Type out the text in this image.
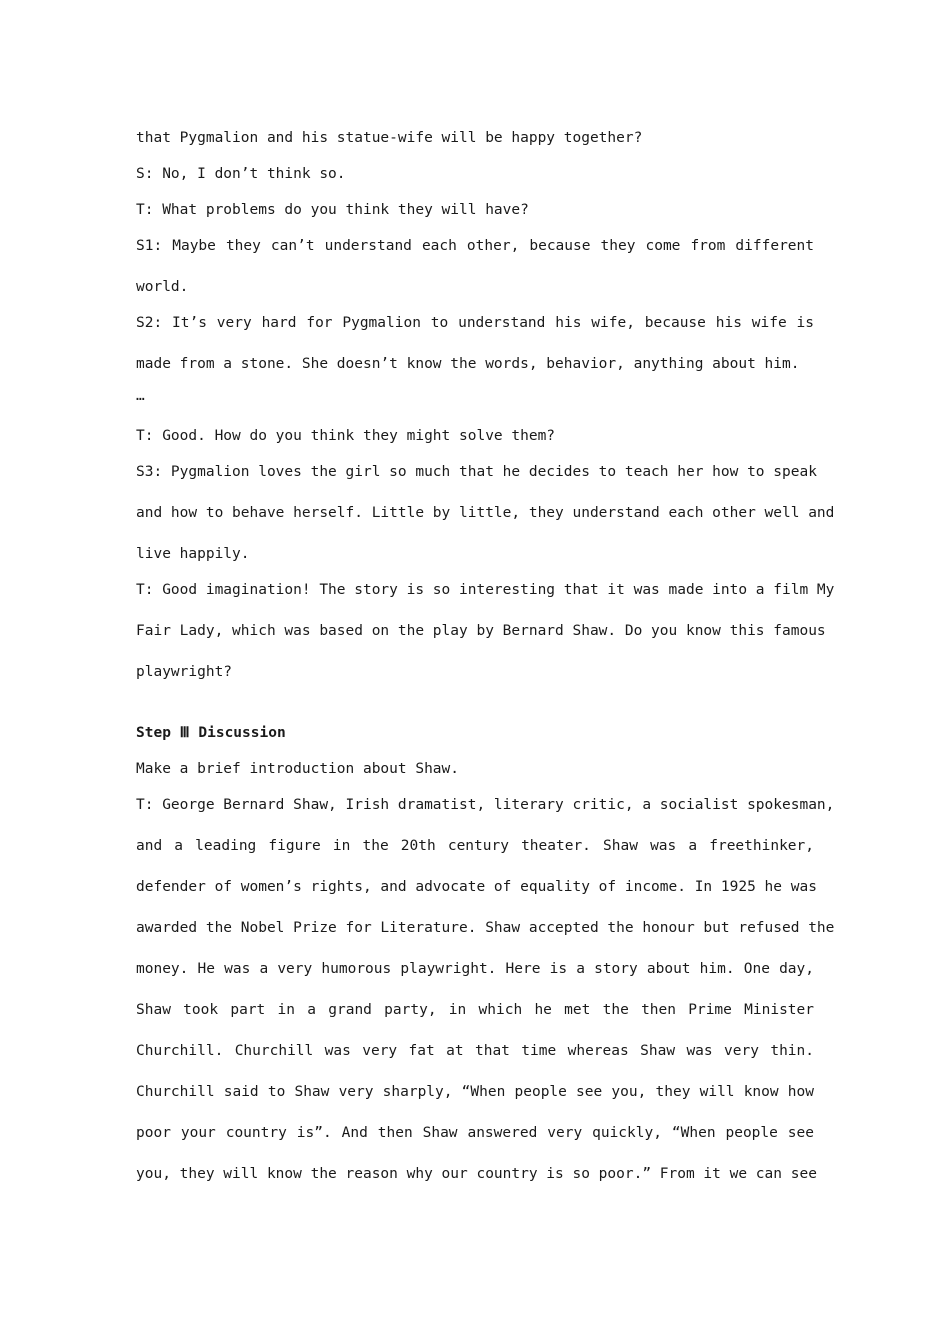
that Pygmalion and his statue-wife will be happy together?
S: No, I don’t think so.
T: What problems do you think they will have?
S1: Maybe they can’t understand each other, because they come from different
world.
S2: It’s very hard for Pygmalion to understand his wife, because his wife is
made from a stone. She doesn’t know the words, behavior, anything about him.
…
T: Good. How do you think they might solve them?
S3: Pygmalion loves the girl so much that he decides to teach her how to speak
and how to behave herself. Little by little, they understand each other well and
live happily.
T: Good imagination! The story is so interesting that it was made into a film My
Fair Lady, which was based on the play by Bernard Shaw. Do you know this famous
playwright?
Step Ⅲ Discussion
Make a brief introduction about Shaw.
T: George Bernard Shaw, Irish dramatist, literary critic, a socialist spokesman,
and a leading figure in the 20th century theater. Shaw was a freethinker,
defender of women’s rights, and advocate of equality of income. In 1925 he was
awarded the Nobel Prize for Literature. Shaw accepted the honour but refused the
money. He was a very humorous playwright. Here is a story about him. One day,
Shaw took part in a grand party, in which he met the then Prime Minister
Churchill. Churchill was very fat at that time whereas Shaw was very thin.
Churchill said to Shaw very sharply, “When people see you, they will know how
poor your country is”. And then Shaw answered very quickly, “When people see
you, they will know the reason why our country is so poor.” From it we can see
